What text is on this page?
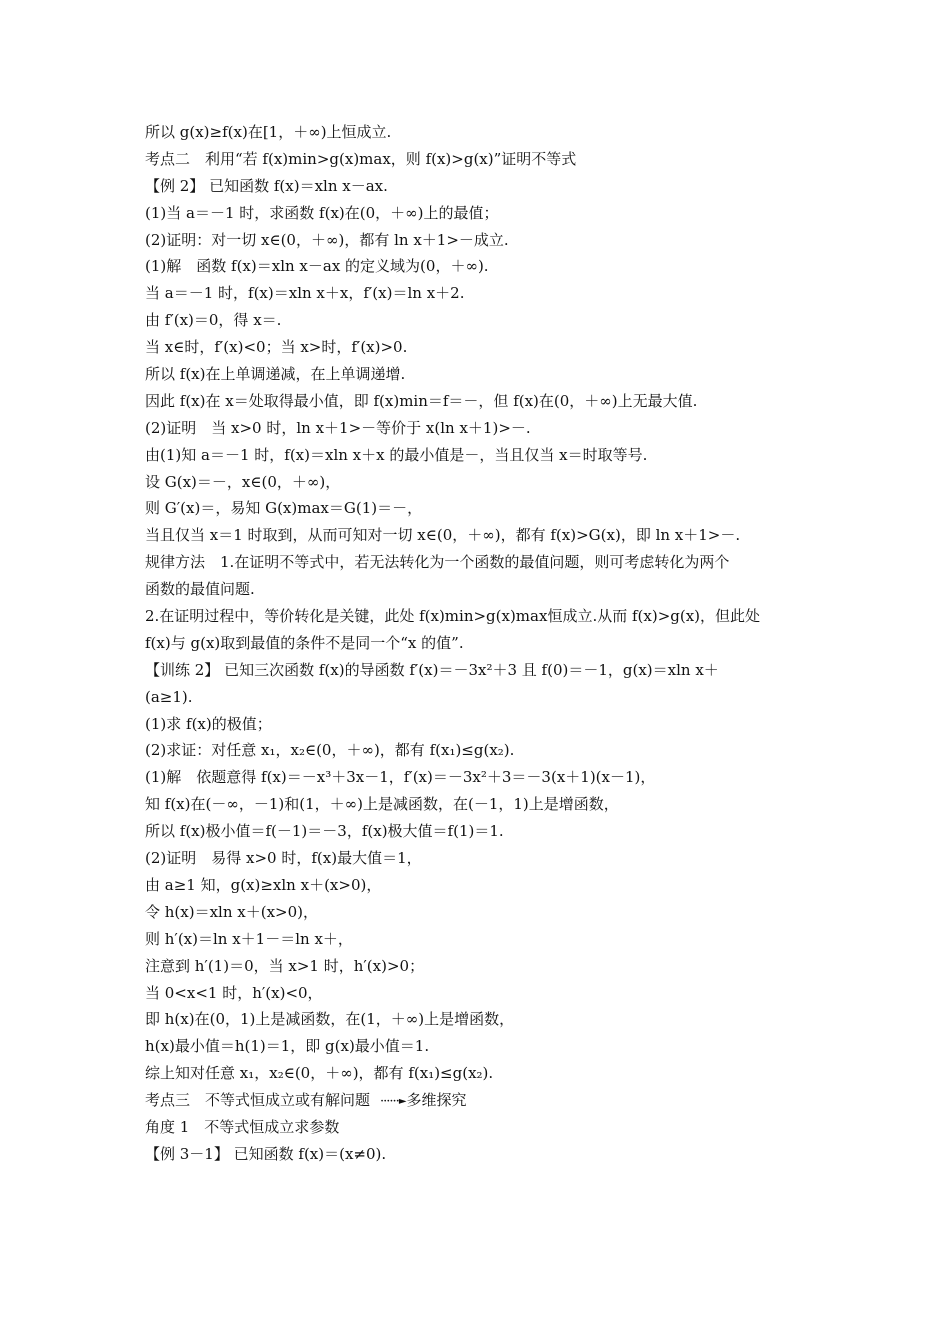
所以 g(x)≥f(x)在[1，＋∞)上恒成立.
考点二　利用“若 f(x)min>g(x)max，则 f(x)>g(x)”证明不等式
【例 2】 已知函数 f(x)＝xln x－ax.
(1)当 a＝－1 时，求函数 f(x)在(0，＋∞)上的最值；
(2)证明：对一切 x∈(0，＋∞)，都有 ln x＋1>－成立.
(1)解　函数 f(x)＝xln x－ax 的定义域为(0，＋∞).
当 a＝－1 时，f(x)＝xln x＋x，f′(x)＝ln x＋2.
由 f′(x)＝0，得 x＝.
当 x∈时，f′(x)<0；当 x>时，f′(x)>0.
所以 f(x)在上单调递减，在上单调递增.
因此 f(x)在 x＝处取得最小值，即 f(x)min＝f＝－，但 f(x)在(0，＋∞)上无最大值.
(2)证明　当 x>0 时，ln x＋1>－等价于 x(ln x＋1)>－.
由(1)知 a＝－1 时，f(x)＝xln x＋x 的最小值是－，当且仅当 x＝时取等号.
设 G(x)＝－，x∈(0，＋∞)，
则 G′(x)＝，易知 G(x)max＝G(1)＝－，
当且仅当 x＝1 时取到，从而可知对一切 x∈(0，＋∞)，都有 f(x)>G(x)，即 ln x＋1>－.
规律方法　1.在证明不等式中，若无法转化为一个函数的最值问题，则可考虑转化为两个
函数的最值问题.
2.在证明过程中，等价转化是关键，此处 f(x)min>g(x)max恒成立.从而 f(x)>g(x)，但此处
f(x)与 g(x)取到最值的条件不是同一个“x 的值”.
【训练 2】 已知三次函数 f(x)的导函数 f′(x)＝－3x²＋3 且 f(0)＝－1，g(x)＝xln x＋
(a≥1).
(1)求 f(x)的极值；
(2)求证：对任意 x₁，x₂∈(0，＋∞)，都有 f(x₁)≤g(x₂).
(1)解　依题意得 f(x)＝－x³＋3x－1，f′(x)＝－3x²＋3＝－3(x＋1)(x－1)，
知 f(x)在(－∞，－1)和(1，＋∞)上是减函数，在(－1，1)上是增函数，
所以 f(x)极小值＝f(－1)＝－3，f(x)极大值＝f(1)＝1.
(2)证明　易得 x>0 时，f(x)最大值＝1，
由 a≥1 知，g(x)≥xln x＋(x>0)，
令 h(x)＝xln x＋(x>0)，
则 h′(x)＝ln x＋1－＝ln x＋，
注意到 h′(1)＝0，当 x>1 时，h′(x)>0；
当 0<x<1 时，h′(x)<0，
即 h(x)在(0，1)上是减函数，在(1，＋∞)上是增函数，
h(x)最小值＝h(1)＝1，即 g(x)最小值＝1.
综上知对任意 x₁，x₂∈(0，＋∞)，都有 f(x₁)≤g(x₂).
考点三　不等式恒成立或有解问题 ······►多维探究
角度 1　不等式恒成立求参数
【例 3－1】 已知函数 f(x)＝(x≠0).
